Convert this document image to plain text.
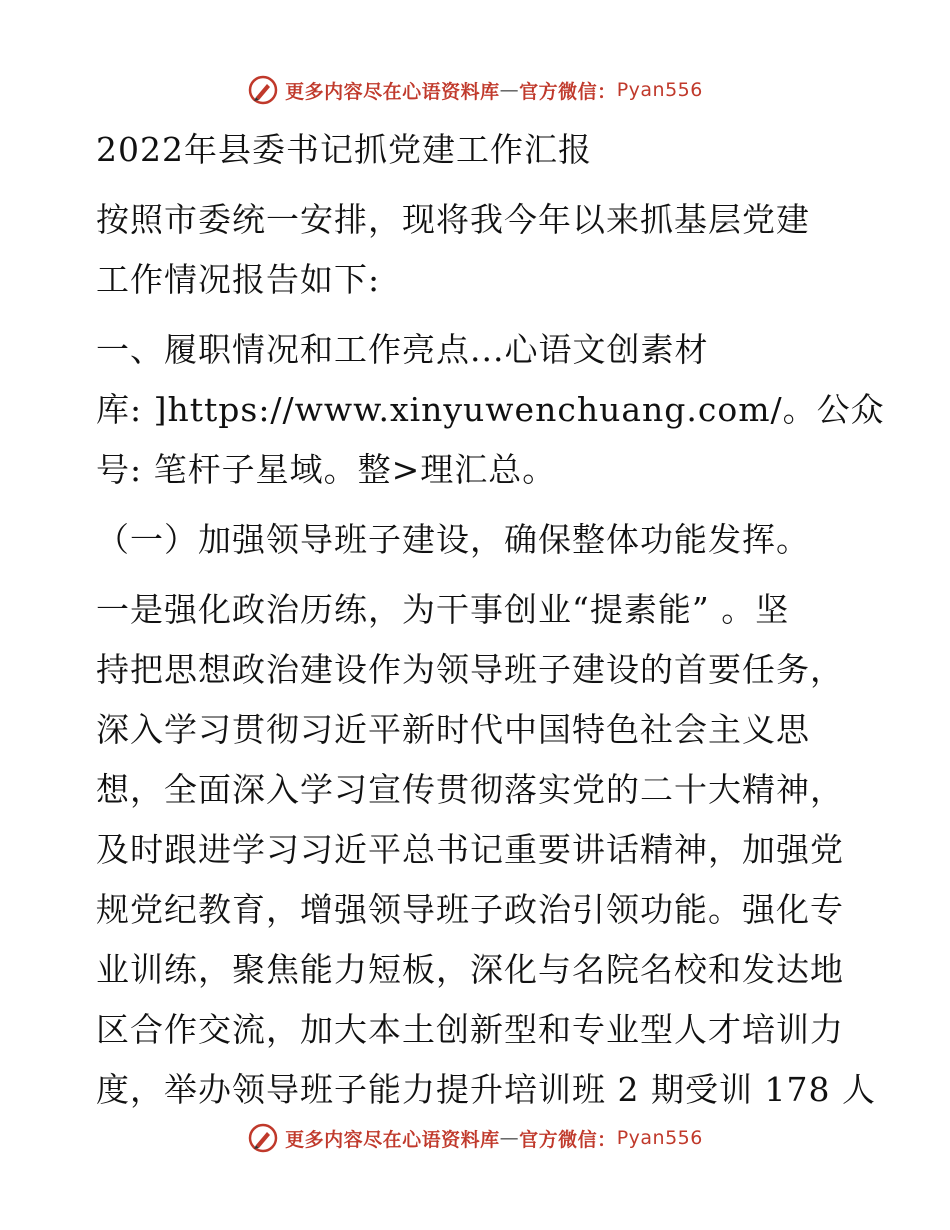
更多内容尽在心语资料库 — 官方微信： Pyan556
2022年县委书记抓党建工作汇报
按照市委统一安排，现将我今年以来抓基层党建
工作情况报告如下:
一、履职情况和工作亮点...心语文创素材
库: ]https://www.xinyuwenchuang.com/。公众
号: 笔杆子星域。整>理汇总。
（一）加强领导班子建设，确保整体功能发挥。
一是强化政治历练，为干事创业“提素能” 。坚
持把思想政治建设作为领导班子建设的首要任务，
深入学习贯彻习近平新时代中国特色社会主义思
想，全面深入学习宣传贯彻落实党的二十大精神，
及时跟进学习习近平总书记重要讲话精神，加强党
规党纪教育，增强领导班子政治引领功能。强化专
业训练，聚焦能力短板，深化与名院名校和发达地
区合作交流，加大本土创新型和专业型人才培训力
度，举办领导班子能力提升培训班 2 期受训 178 人
更多内容尽在心语资料库 — 官方微信： Pyan556
